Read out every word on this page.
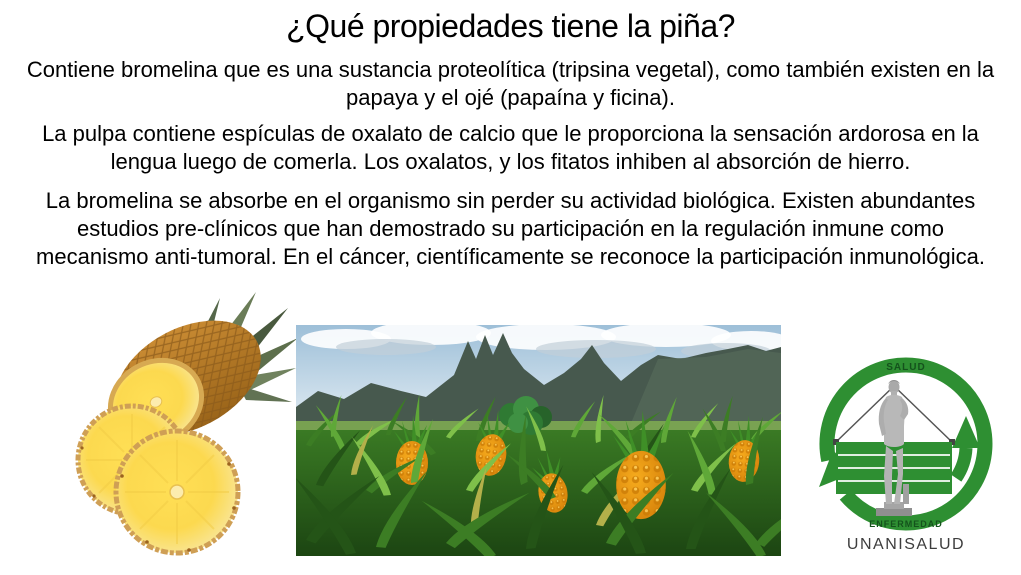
¿Qué propiedades tiene la piña?

Contiene bromelina que es una sustancia proteolítica (tripsina vegetal), como también existen en la papaya y el ojé (papaína y ficina).

La pulpa contiene espículas de oxalato de calcio que le proporciona la sensación ardorosa en la lengua luego de comerla. Los oxalatos, y los fitatos inhiben al absorción de hierro.

La bromelina se absorbe en el organismo sin perder su actividad biológica. Existen abundantes estudios pre-clínicos que han demostrado su participación en la regulación inmune como mecanismo anti-tumoral. En el cáncer, científicamente se reconoce la participación inmunológica.

SALUD
ENFERMEDAD
UNANISALUD
